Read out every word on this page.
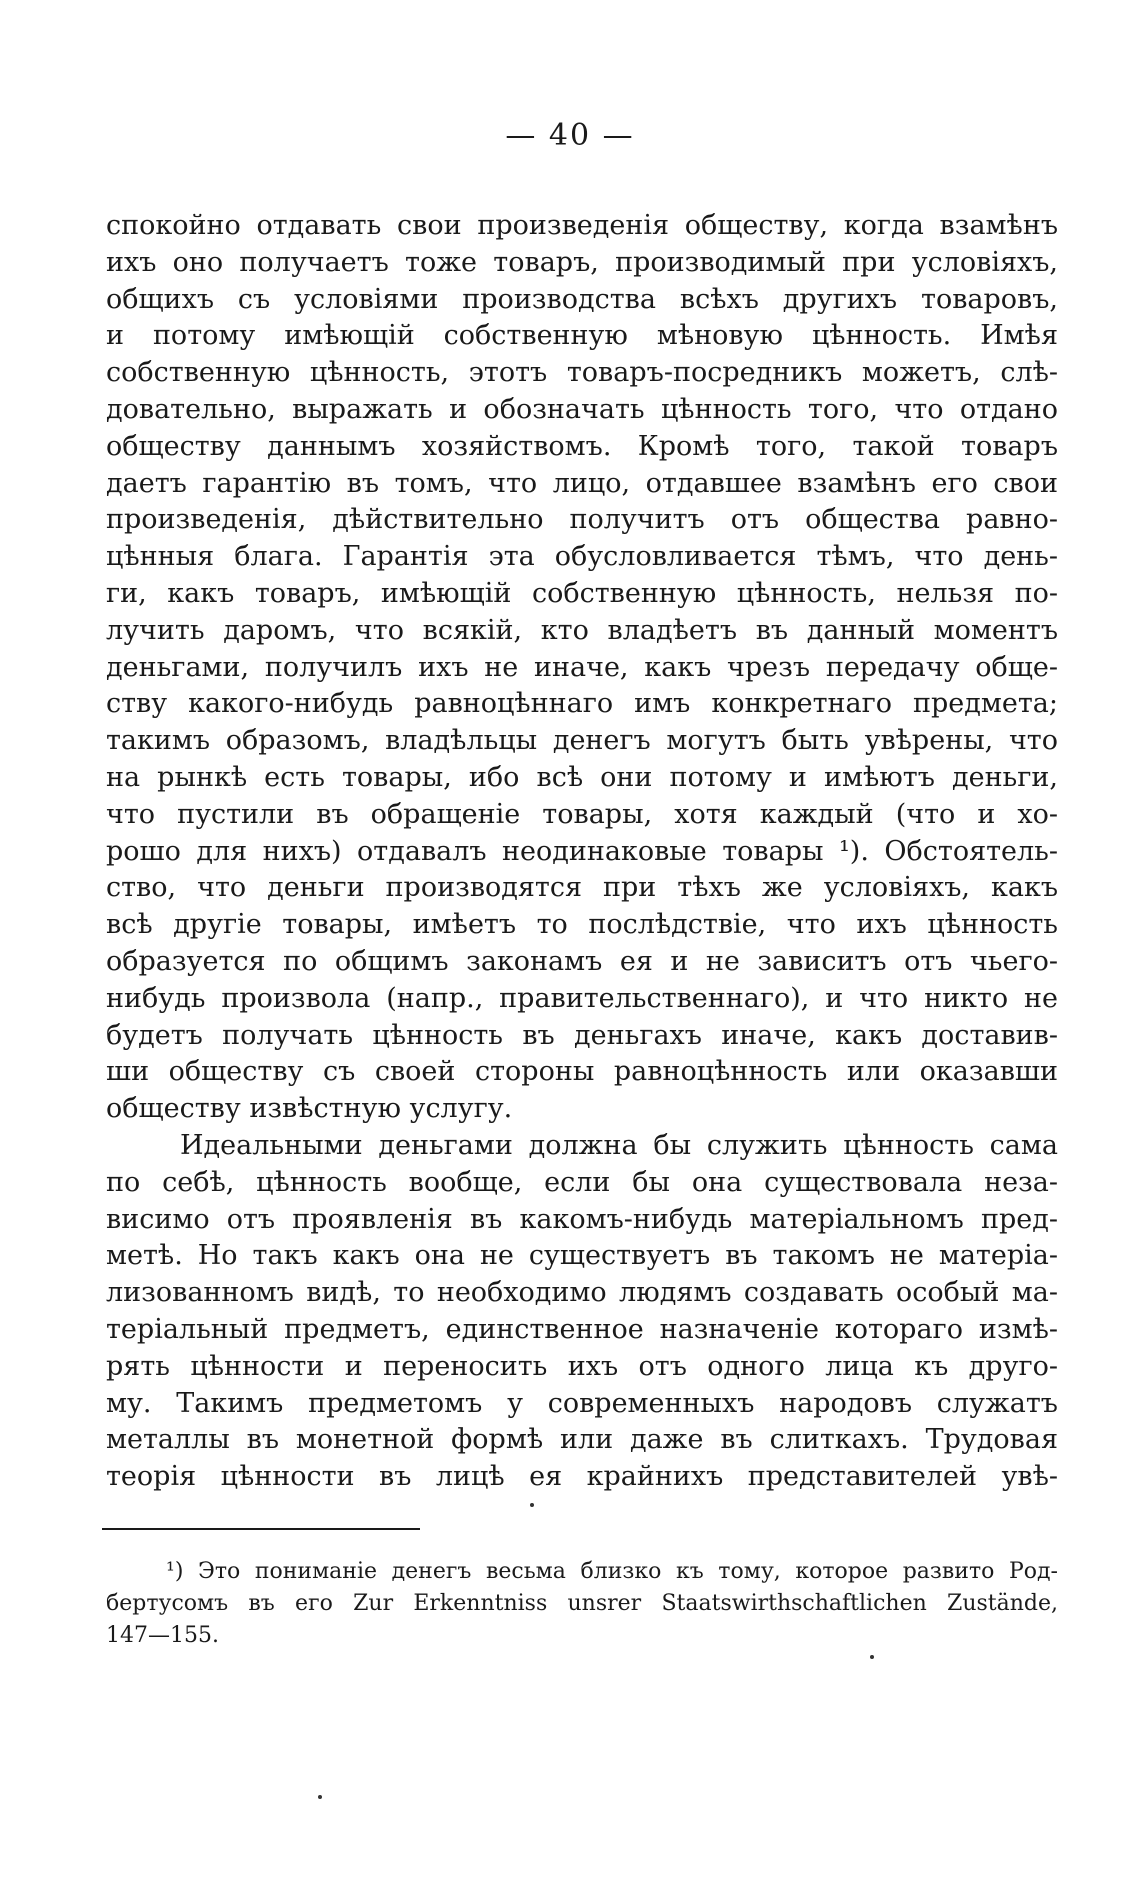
— 40 —
спокойно отдавать свои произведенія обществу, когда взамѣнъ
ихъ оно получаетъ тоже товаръ, производимый при условіяхъ,
общихъ съ условіями производства всѣхъ другихъ товаровъ,
и потому имѣющій собственную мѣновую цѣнность. Имѣя
собственную цѣнность, этотъ товаръ-посредникъ можетъ, слѣ-
довательно, выражать и обозначать цѣнность того, что отдано
обществу даннымъ хозяйствомъ. Кромѣ того, такой товаръ
даетъ гарантію въ томъ, что лицо, отдавшее взамѣнъ его свои
произведенія, дѣйствительно получитъ отъ общества равно-
цѣнныя блага. Гарантія эта обусловливается тѣмъ, что день-
ги, какъ товаръ, имѣющій собственную цѣнность, нельзя по-
лучить даромъ, что всякій, кто владѣетъ въ данный моментъ
деньгами, получилъ ихъ не иначе, какъ чрезъ передачу обще-
ству какого-нибудь равноцѣннаго имъ конкретнаго предмета;
такимъ образомъ, владѣльцы денегъ могутъ быть увѣрены, что
на рынкѣ есть товары, ибо всѣ они потому и имѣютъ деньги,
что пустили въ обращеніе товары, хотя каждый (что и хо-
рошо для нихъ) отдавалъ неодинаковые товары ¹). Обстоятель-
ство, что деньги производятся при тѣхъ же условіяхъ, какъ
всѣ другіе товары, имѣетъ то послѣдствіе, что ихъ цѣнность
образуется по общимъ законамъ ея и не зависитъ отъ чьего-
нибудь произвола (напр., правительственнаго), и что никто не
будетъ получать цѣнность въ деньгахъ иначе, какъ доставив-
ши обществу съ своей стороны равноцѣнность или оказавши
обществу извѣстную услугу.
Идеальными деньгами должна бы служить цѣнность сама
по себѣ, цѣнность вообще, если бы она существовала неза-
висимо отъ проявленія въ какомъ-нибудь матеріальномъ пред-
метѣ. Но такъ какъ она не существуетъ въ такомъ не матеріа-
лизованномъ видѣ, то необходимо людямъ создавать особый ма-
теріальный предметъ, единственное назначеніе котораго измѣ-
рять цѣнности и переносить ихъ отъ одного лица къ друго-
му. Такимъ предметомъ у современныхъ народовъ служатъ
металлы въ монетной формѣ или даже въ слиткахъ. Трудовая
теорія цѣнности въ лицѣ ея крайнихъ представителей увѣ-
¹) Это пониманіе денегъ весьма близко къ тому, которое развито Род-
бертусомъ въ его Zur Erkenntniss unsrer Staatswirthschaftlichen Zustände,
147—155.
